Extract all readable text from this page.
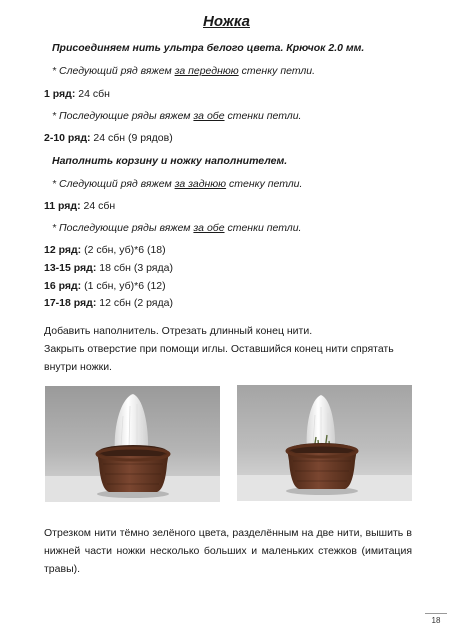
Ножка
Присоединяем нить ультра белого цвета. Крючок 2.0 мм.
* Следующий ряд вяжем за переднюю стенку петли.
1 ряд: 24 сбн
* Последующие ряды вяжем за обе стенки петли.
2-10 ряд: 24 сбн (9 рядов)
Наполнить корзину и ножку наполнителем.
* Следующий ряд вяжем за заднюю стенку петли.
11 ряд: 24 сбн
* Последующие ряды вяжем за обе стенки петли.
12 ряд: (2 сбн, уб)*6 (18)
13-15 ряд: 18 сбн (3 ряда)
16 ряд: (1 сбн, уб)*6 (12)
17-18 ряд: 12 сбн (2 ряда)
Добавить наполнитель. Отрезать длинный конец нити.
Закрыть отверстие при помощи иглы. Оставшийся конец нити спрятать внутри ножки.
Отрезком нити тёмно зелёного цвета, разделённым на две нити, вышить в нижней части ножки несколько больших и маленьких стежков (имитация травы).
18
